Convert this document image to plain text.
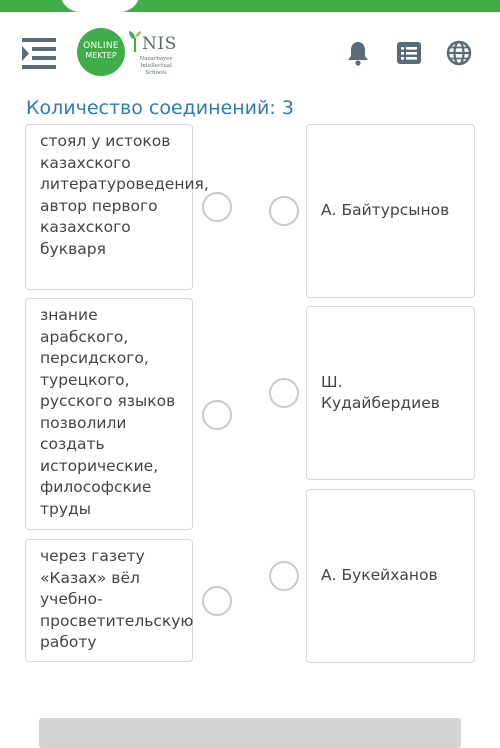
ONLINE
MEKTEP
NIS
Nazarbayev Intellectual Schools
Количество соединений: 3
стоял у истоков казахского литературоведения, автор первого казахского букваря
знание арабского, персидского, турецкого, русского языков позволили создать исторические, философские труды
через газету «Казах» вёл учебно-просветительскую работу
А. Байтурсынов
Ш. Кудайбердиев
А. Букейханов
